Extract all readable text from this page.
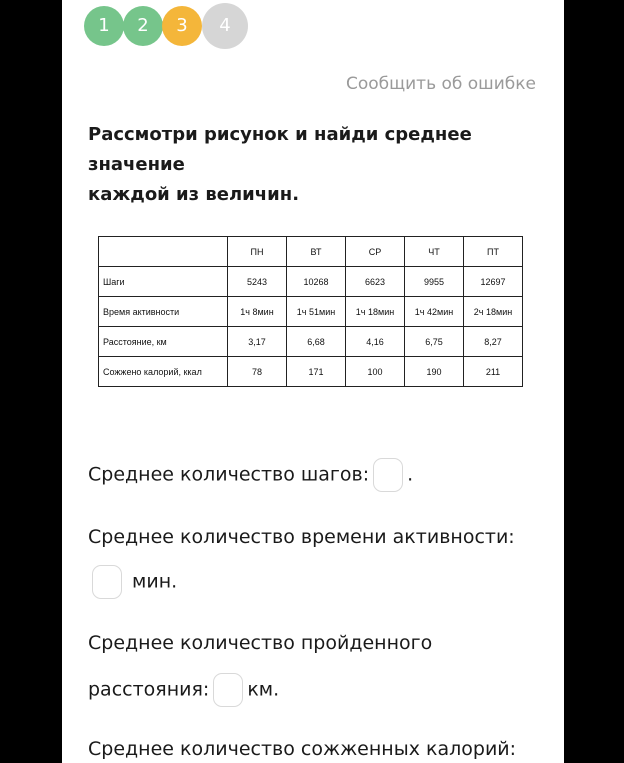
1	2	3	4
Сообщить об ошибке
Рассмотри рисунок и найди среднее значение
каждой из величин.
	ПН	ВТ	СР	ЧТ	ПТ
Шаги	5243	10268	6623	9955	12697
Время активности	1ч 8мин	1ч 51мин	1ч 18мин	1ч 42мин	2ч 18мин
Расстояние, км	3,17	6,68	4,16	6,75	8,27
Сожжено калорий, ккал	78	171	100	190	211
Среднее количество шагов: .
Среднее количество времени активности:
мин.
Среднее количество пройденного
расстояния: км.
Среднее количество сожженных калорий:
